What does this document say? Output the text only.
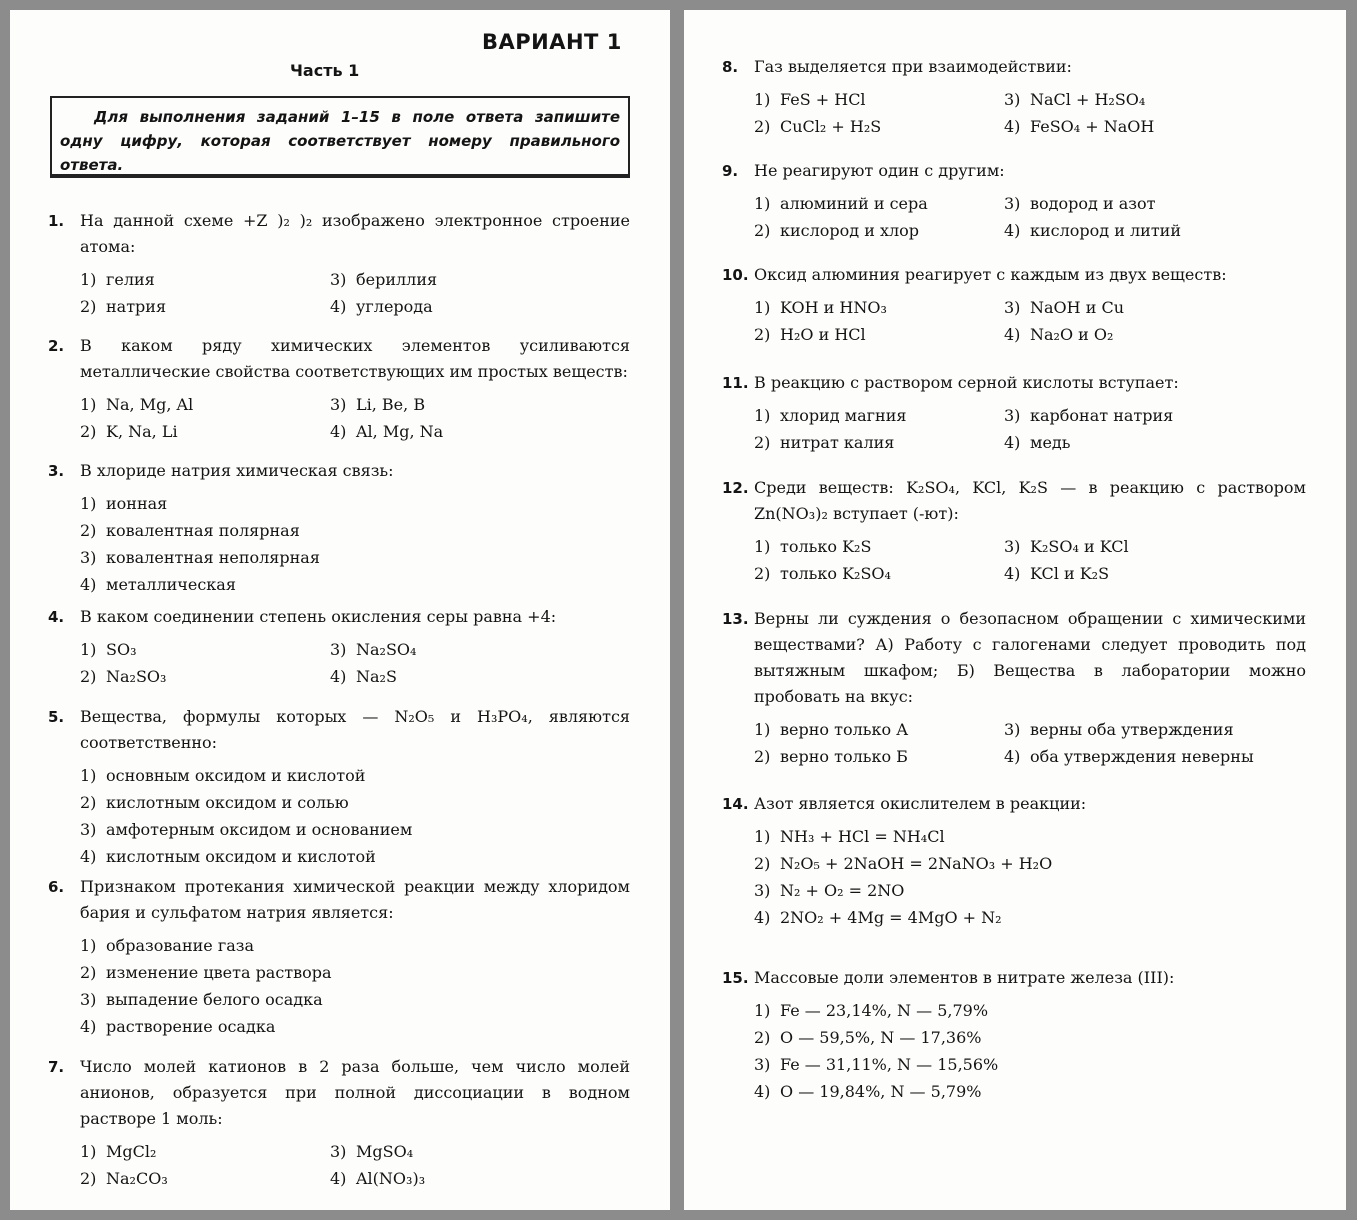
ВАРИАНТ 1
Часть 1
Для выполнения заданий 1–15 в поле ответа запишите одну цифру, которая соответствует номеру правильного ответа.
1. На данной схеме +Z )₂ )₂ изображено электронное строение атома:
1) гелия	3) бериллия
2) натрия	4) углерода
2. В каком ряду химических элементов усиливаются металлические свойства соответствующих им простых веществ:
1) Na, Mg, Al	3) Li, Be, B
2) K, Na, Li	4) Al, Mg, Na
3. В хлориде натрия химическая связь:
1) ионная
2) ковалентная полярная
3) ковалентная неполярная
4) металлическая
4. В каком соединении степень окисления серы равна +4:
1) SO₃	3) Na₂SO₄
2) Na₂SO₃	4) Na₂S
5. Вещества, формулы которых — N₂O₅ и H₃PO₄, являются соответственно:
1) основным оксидом и кислотой
2) кислотным оксидом и солью
3) амфотерным оксидом и основанием
4) кислотным оксидом и кислотой
6. Признаком протекания химической реакции между хлоридом бария и сульфатом натрия является:
1) образование газа
2) изменение цвета раствора
3) выпадение белого осадка
4) растворение осадка
7. Число молей катионов в 2 раза больше, чем число молей анионов, образуется при полной диссоциации в водном растворе 1 моль:
1) MgCl₂	3) MgSO₄
2) Na₂CO₃	4) Al(NO₃)₃
8. Газ выделяется при взаимодействии:
1) FeS + HCl	3) NaCl + H₂SO₄
2) CuCl₂ + H₂S	4) FeSO₄ + NaOH
9. Не реагируют один с другим:
1) алюминий и сера	3) водород и азот
2) кислород и хлор	4) кислород и литий
10. Оксид алюминия реагирует с каждым из двух веществ:
1) KOH и HNO₃	3) NaOH и Cu
2) H₂O и HCl	4) Na₂O и O₂
11. В реакцию с раствором серной кислоты вступает:
1) хлорид магния	3) карбонат натрия
2) нитрат калия	4) медь
12. Среди веществ: K₂SO₄, KCl, K₂S — в реакцию с раствором Zn(NO₃)₂ вступает (-ют):
1) только K₂S	3) K₂SO₄ и KCl
2) только K₂SO₄	4) KCl и K₂S
13. Верны ли суждения о безопасном обращении с химическими веществами? А) Работу с галогенами следует проводить под вытяжным шкафом; Б) Вещества в лаборатории можно пробовать на вкус:
1) верно только А	3) верны оба утверждения
2) верно только Б	4) оба утверждения неверны
14. Азот является окислителем в реакции:
1) NH₃ + HCl = NH₄Cl
2) N₂O₅ + 2NaOH = 2NaNO₃ + H₂O
3) N₂ + O₂ = 2NO
4) 2NO₂ + 4Mg = 4MgO + N₂
15. Массовые доли элементов в нитрате железа (III):
1) Fe — 23,14%, N — 5,79%
2) O — 59,5%, N — 17,36%
3) Fe — 31,11%, N — 15,56%
4) O — 19,84%, N — 5,79%
